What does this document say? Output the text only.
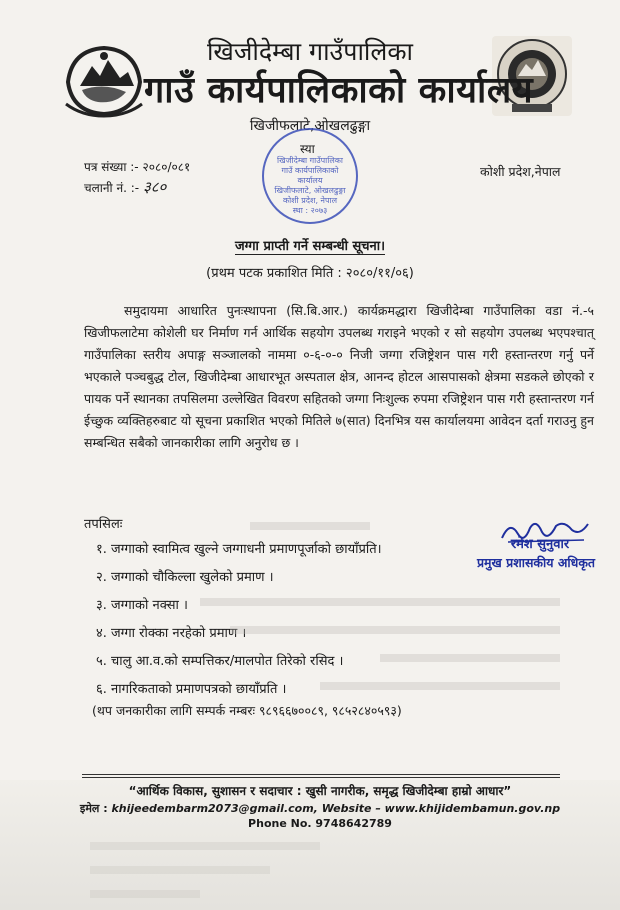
खिजीदेम्बा गाउँपालिका
गाउँ कार्यपालिकाको कार्यालय
खिजीफलाटे,ओखलढुङ्गा
स्या
पत्र संख्या :- २०८०/०८१
चलानी नं. :- ३८०
कोशी प्रदेश,नेपाल
खिजीदेम्बा गाउँपालिका
गाउँ कार्यपालिकाको कार्यालय
खिजीफलाटे, ओखलढुङ्गा
कोशी प्रदेश, नेपाल
स्था : २०७३
जग्गा प्राप्ती गर्ने सम्बन्धी सूचना।
(प्रथम पटक प्रकाशित मिति : २०८०/११/०६)

समुदायमा आधारित पुनःस्थापना (सि.बि.आर.) कार्यक्रमद्धारा खिजीदेम्बा गाउँपालिका वडा नं.-५ खिजीफलाटेमा कोशेली घर निर्माण गर्न आर्थिक सहयोग उपलब्ध गराइने भएको र सो सहयोग उपलब्ध भएपश्चात् गाउँपालिका स्तरीय अपाङ्ग सञ्जालको नाममा ०-६-०-० निजी जग्गा रजिष्ट्रेशन पास गरी हस्तान्तरण गर्नु पर्ने भएकाले पञ्चबुद्ध टोल, खिजीदेम्बा आधारभूत अस्पताल क्षेत्र, आनन्द होटल आसपासको क्षेत्रमा सडकले छोएको र पायक पर्ने स्थानका तपसिलमा उल्लेखित विवरण सहितको जग्गा निःशुल्क रुपमा रजिष्ट्रेशन पास गरी हस्तान्तरण गर्न ईच्छुक व्यक्तिहरुबाट यो सूचना प्रकाशित भएको मितिले ७(सात) दिनभित्र यस कार्यालयमा आवेदन दर्ता गराउनु हुन सम्बन्धित सबैको जानकारीका लागि अनुरोध छ ।

तपसिलः
१. जग्गाको स्वामित्व खुल्ने जग्गाधनी प्रमाणपूर्जाको छायाँप्रति।
२. जग्गाको चौकिल्ला खुलेको प्रमाण ।
३. जग्गाको नक्सा ।
४. जग्गा रोक्का नरहेको प्रमाण ।
५. चालु आ.व.को सम्पत्तिकर/मालपोत तिरेको रसिद ।
६. नागरिकताको प्रमाणपत्रको छायाँप्रति ।
(थप जनकारीका लागि सम्पर्क नम्बरः ९८९६६७००८९, ९८५२८४०५९३)
रमेश सुनुवार
प्रमुख प्रशासकीय अधिकृत
“आर्थिक विकास, सुशासन र सदाचार : खुसी नागरीक, समृद्ध खिजीदेम्बा हाम्रो आधार”
इमेल : khijeedembarm2073@gmail.com, Website – www.khijidembamun.gov.np
Phone No. 9748642789
